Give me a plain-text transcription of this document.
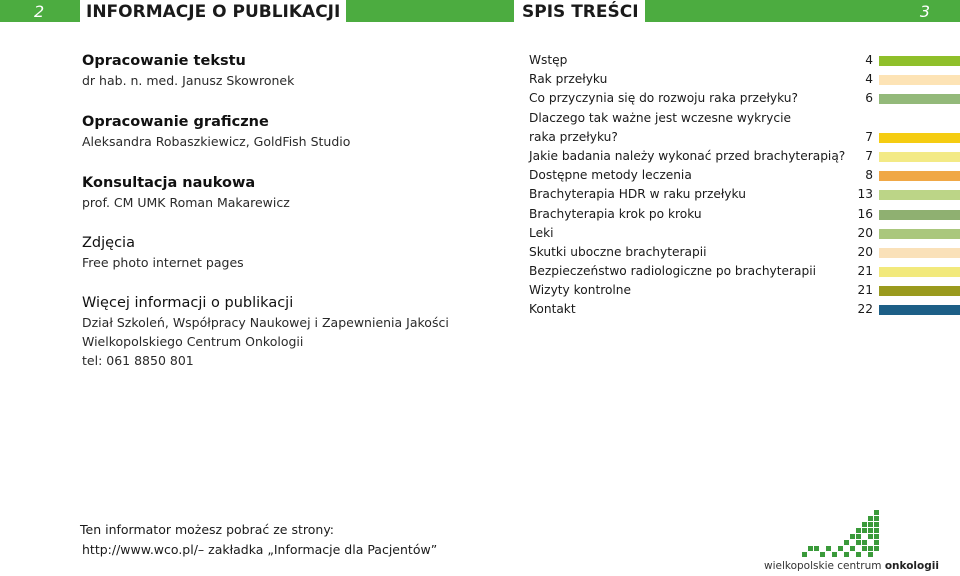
2	INFORMACJE O PUBLIKACJI	SPIS TREŚCI	3
Opracowanie tekstu
dr hab. n. med. Janusz Skowronek
Opracowanie graficzne
Aleksandra Robaszkiewicz, GoldFish Studio
Konsultacja naukowa
prof. CM UMK Roman Makarewicz
Zdjęcia
Free photo internet pages
Więcej informacji o publikacji
Dział Szkoleń, Współpracy Naukowej i Zapewnienia Jakości
Wielkopolskiego Centrum Onkologii
tel: 061 8850 801
Wstęp	4
Rak przełyku	4
Co przyczynia się do rozwoju raka przełyku?	6
Dlaczego tak ważne jest wczesne wykrycie
raka przełyku?	7
Jakie badania należy wykonać przed brachyterapią?	7
Dostępne metody leczenia	8
Brachyterapia HDR w raku przełyku	13
Brachyterapia krok po kroku	16
Leki	20
Skutki uboczne brachyterapii	20
Bezpieczeństwo radiologiczne po brachyterapii	21
Wizyty kontrolne	21
Kontakt	22
Ten informator możesz pobrać ze strony:
http://www.wco.pl/– zakładka „Informacje dla Pacjentów”
wielkopolskie centrum onkologii
